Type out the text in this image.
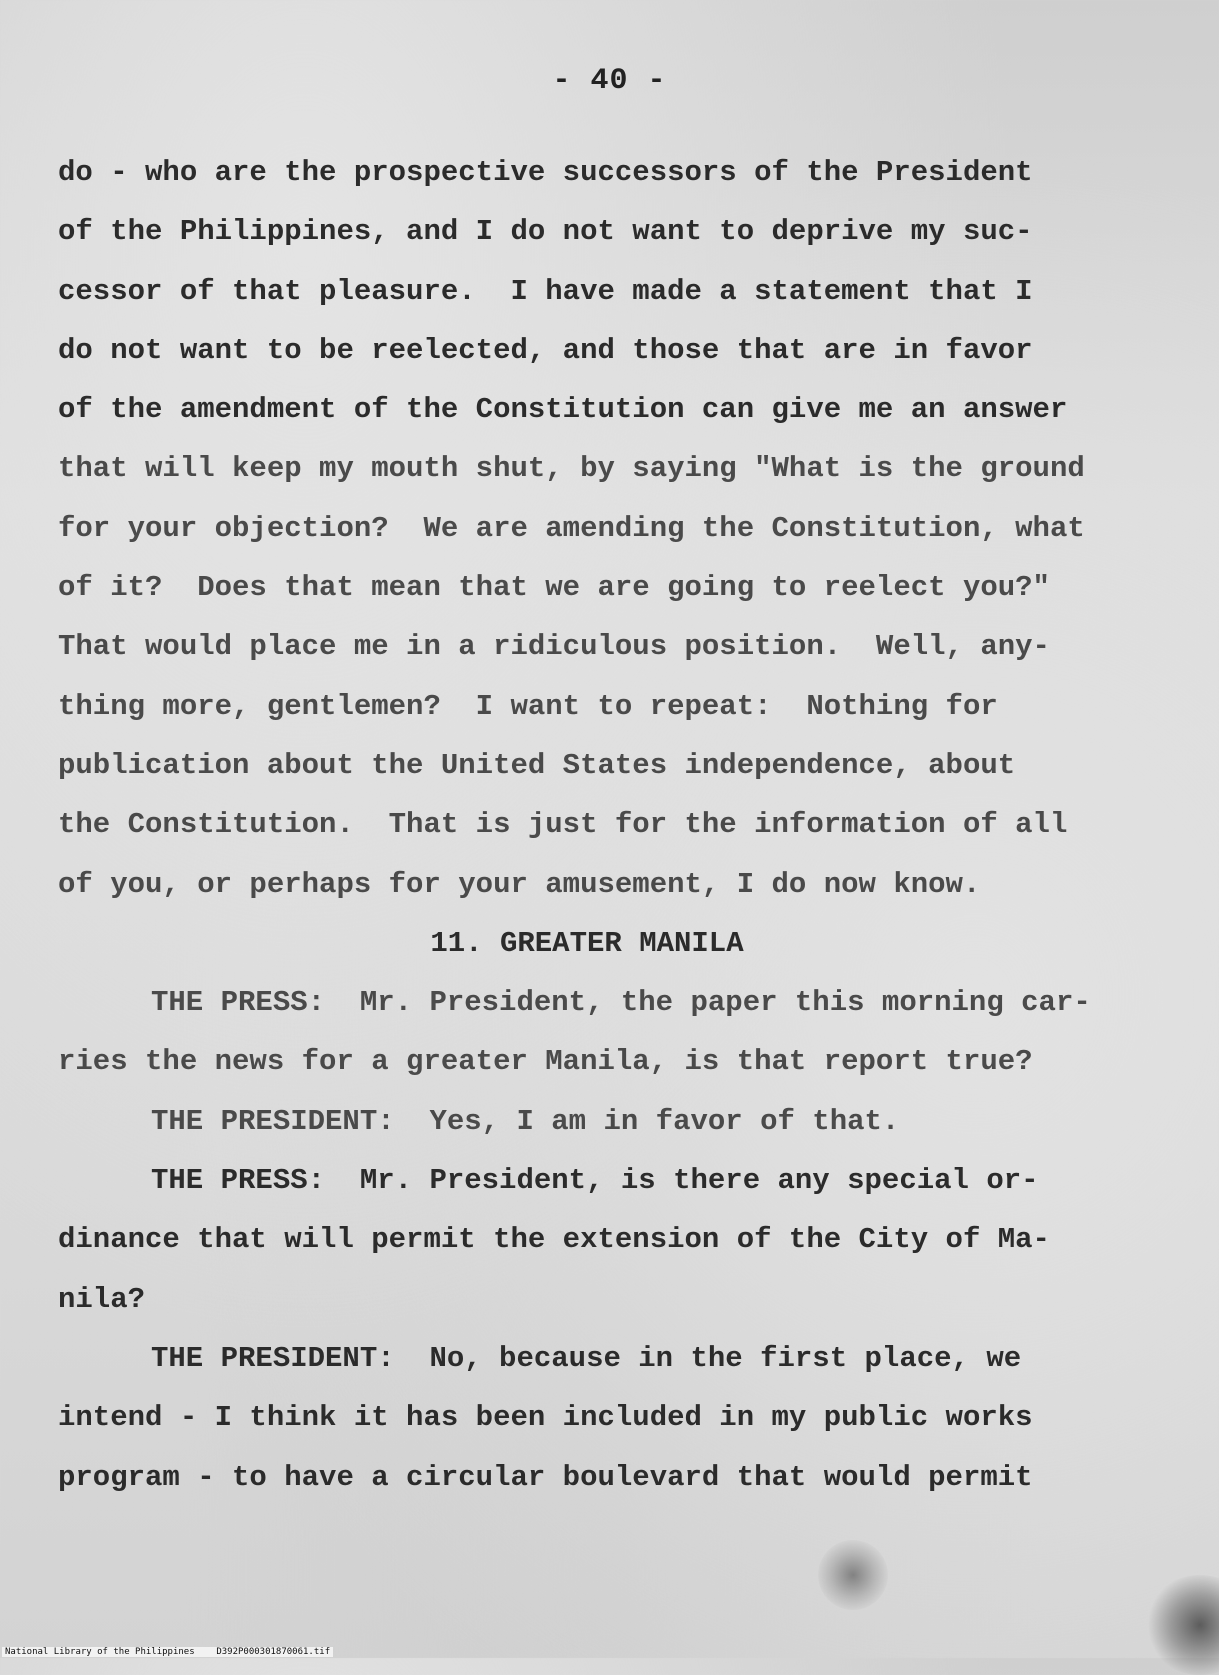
- 40 -
do - who are the prospective successors of the President
of the Philippines, and I do not want to deprive my suc-
cessor of that pleasure.  I have made a statement that I
do not want to be reelected, and those that are in favor
of the amendment of the Constitution can give me an answer
that will keep my mouth shut, by saying "What is the ground
for your objection?  We are amending the Constitution, what
of it?  Does that mean that we are going to reelect you?"
That would place me in a ridiculous position.  Well, any-
thing more, gentlemen?  I want to repeat:  Nothing for
publication about the United States independence, about
the Constitution.  That is just for the information of all
of you, or perhaps for your amusement, I do now know.
11. GREATER MANILA
THE PRESS:  Mr. President, the paper this morning car-
ries the news for a greater Manila, is that report true?
THE PRESIDENT:  Yes, I am in favor of that.
THE PRESS:  Mr. President, is there any special or-
dinance that will permit the extension of the City of Ma-
nila?
THE PRESIDENT:  No, because in the first place, we
intend - I think it has been included in my public works
program - to have a circular boulevard that would permit
National Library of the Philippines    D392P000301870061.tif
